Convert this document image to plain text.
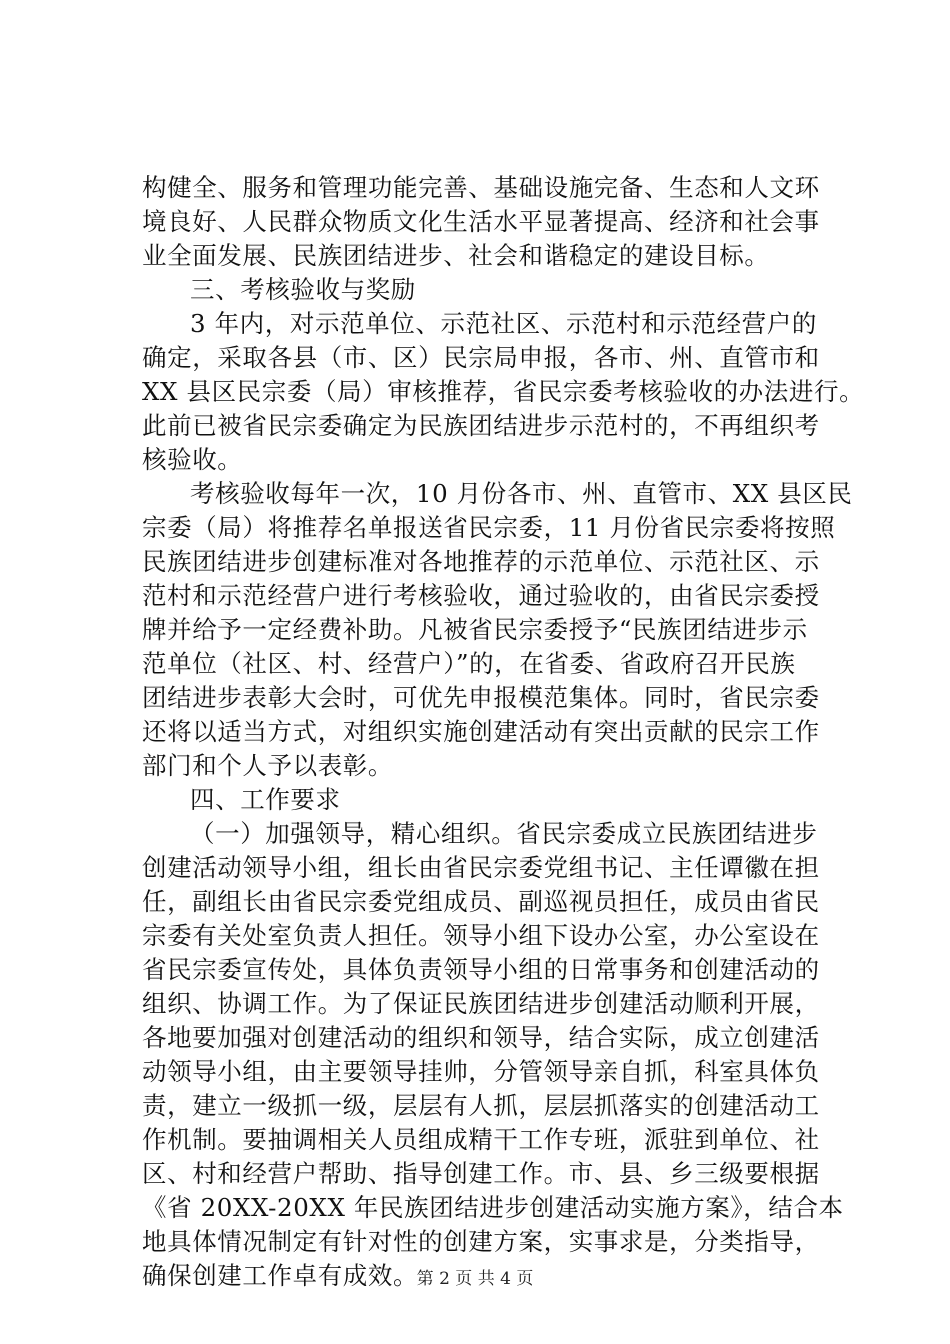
构健全、服务和管理功能完善、基础设施完备、生态和人文环
境良好、人民群众物质文化生活水平显著提高、经济和社会事
业全面发展、民族团结进步、社会和谐稳定的建设目标。
三、考核验收与奖励
3 年内，对示范单位、示范社区、示范村和示范经营户的
确定，采取各县（市、区）民宗局申报，各市、州、直管市和
XX 县区民宗委（局）审核推荐，省民宗委考核验收的办法进行。
此前已被省民宗委确定为民族团结进步示范村的，不再组织考
核验收。
考核验收每年一次，10 月份各市、州、直管市、XX 县区民
宗委（局）将推荐名单报送省民宗委，11 月份省民宗委将按照
民族团结进步创建标准对各地推荐的示范单位、示范社区、示
范村和示范经营户进行考核验收，通过验收的，由省民宗委授
牌并给予一定经费补助。凡被省民宗委授予“民族团结进步示
范单位（社区、村、经营户）”的，在省委、省政府召开民族
团结进步表彰大会时，可优先申报模范集体。同时，省民宗委
还将以适当方式，对组织实施创建活动有突出贡献的民宗工作
部门和个人予以表彰。
四、工作要求
（一）加强领导，精心组织。省民宗委成立民族团结进步
创建活动领导小组，组长由省民宗委党组书记、主任谭徽在担
任，副组长由省民宗委党组成员、副巡视员担任，成员由省民
宗委有关处室负责人担任。领导小组下设办公室，办公室设在
省民宗委宣传处，具体负责领导小组的日常事务和创建活动的
组织、协调工作。为了保证民族团结进步创建活动顺利开展，
各地要加强对创建活动的组织和领导，结合实际，成立创建活
动领导小组，由主要领导挂帅，分管领导亲自抓，科室具体负
责，建立一级抓一级，层层有人抓，层层抓落实的创建活动工
作机制。要抽调相关人员组成精干工作专班，派驻到单位、社
区、村和经营户帮助、指导创建工作。市、县、乡三级要根据
《省 20XX-20XX 年民族团结进步创建活动实施方案》，结合本
地具体情况制定有针对性的创建方案，实事求是，分类指导，
确保创建工作卓有成效。
第 2 页 共 4 页
